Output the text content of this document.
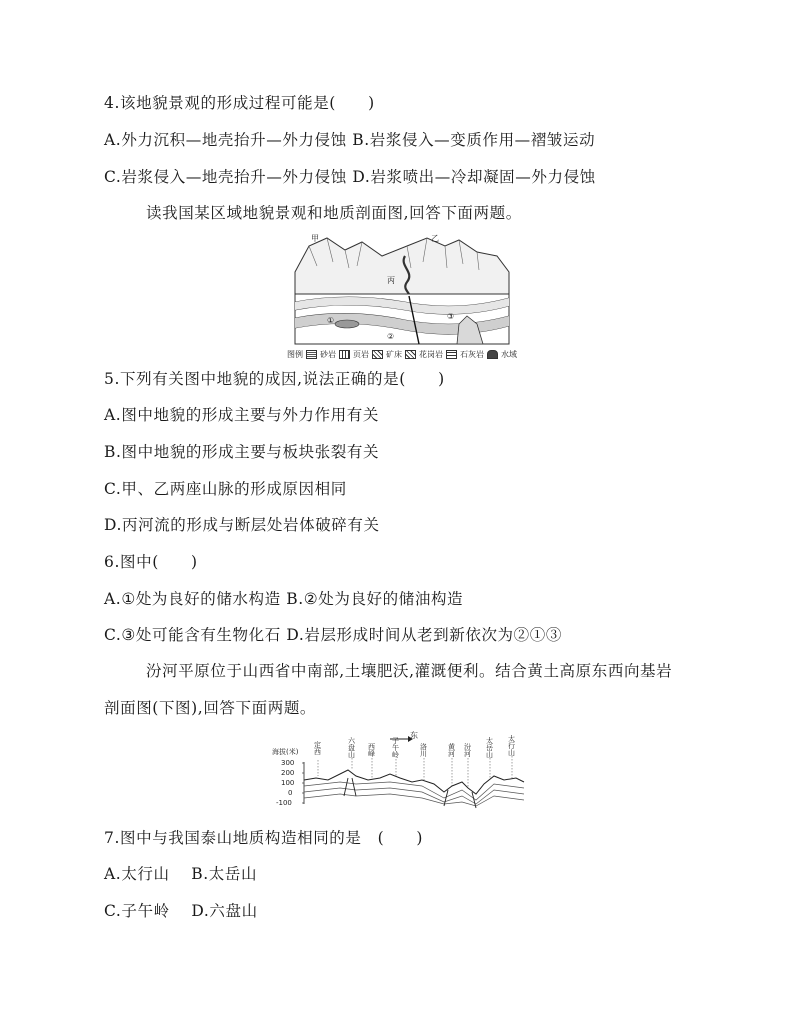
4.该地貌景观的形成过程可能是(　　)
A.外力沉积—地壳抬升—外力侵蚀 B.岩浆侵入—变质作用—褶皱运动
C.岩浆侵入—地壳抬升—外力侵蚀 D.岩浆喷出—冷却凝固—外力侵蚀
读我国某区域地貌景观和地质剖面图,回答下面两题。
甲	乙
丙
①
②
③
图例 砂岩 页岩 矿床 花岗岩 石灰岩 水域
5.下列有关图中地貌的成因,说法正确的是(　　)
A.图中地貌的形成主要与外力作用有关
B.图中地貌的形成主要与板块张裂有关
C.甲、乙两座山脉的形成原因相同
D.丙河流的形成与断层处岩体破碎有关
6.图中(　　)
A.①处为良好的储水构造 B.②处为良好的储油构造
C.③处可能含有生物化石 D.岩层形成时间从老到新依次为②①③
汾河平原位于山西省中南部,土壤肥沃,灌溉便利。结合黄土高原东西向基岩
剖面图(下图),回答下面两题。
东
海拔(米)
300
200
100
0
-100
定西
六盘山
西峰
子午岭
洛川
黄河
汾河
太岳山
太行山
7.图中与我国泰山地质构造相同的是　(　　)
A.太行山　 B.太岳山
C.子午岭　 D.六盘山
